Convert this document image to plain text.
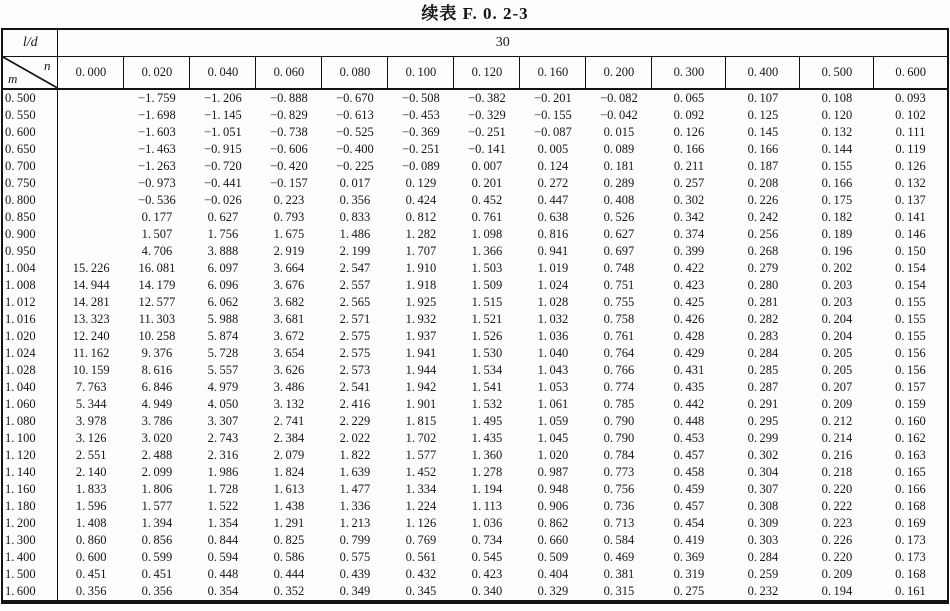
续表 F. 0. 2-3
l/d	30												

n
m	0. 000	0. 020	0. 040	0. 060	0. 080	0. 100	0. 120	0. 160	0. 200	0. 300	0. 400	0. 500	0. 600
0. 500		−1. 759	−1. 206	−0. 888	−0. 670	−0. 508	−0. 382	−0. 201	−0. 082	0. 065	0. 107	0. 108	0. 093
0. 550		−1. 698	−1. 145	−0. 829	−0. 613	−0. 453	−0. 329	−0. 155	−0. 042	0. 092	0. 125	0. 120	0. 102
0. 600		−1. 603	−1. 051	−0. 738	−0. 525	−0. 369	−0. 251	−0. 087	0. 015	0. 126	0. 145	0. 132	0. 111
0. 650		−1. 463	−0. 915	−0. 606	−0. 400	−0. 251	−0. 141	0. 005	0. 089	0. 166	0. 166	0. 144	0. 119
0. 700		−1. 263	−0. 720	−0. 420	−0. 225	−0. 089	0. 007	0. 124	0. 181	0. 211	0. 187	0. 155	0. 126
0. 750		−0. 973	−0. 441	−0. 157	0. 017	0. 129	0. 201	0. 272	0. 289	0. 257	0. 208	0. 166	0. 132
0. 800		−0. 536	−0. 026	0. 223	0. 356	0. 424	0. 452	0. 447	0. 408	0. 302	0. 226	0. 175	0. 137
0. 850		0. 177	0. 627	0. 793	0. 833	0. 812	0. 761	0. 638	0. 526	0. 342	0. 242	0. 182	0. 141
0. 900		1. 507	1. 756	1. 675	1. 486	1. 282	1. 098	0. 816	0. 627	0. 374	0. 256	0. 189	0. 146
0. 950		4. 706	3. 888	2. 919	2. 199	1. 707	1. 366	0. 941	0. 697	0. 399	0. 268	0. 196	0. 150
1. 004	15. 226	16. 081	6. 097	3. 664	2. 547	1. 910	1. 503	1. 019	0. 748	0. 422	0. 279	0. 202	0. 154
1. 008	14. 944	14. 179	6. 096	3. 676	2. 557	1. 918	1. 509	1. 024	0. 751	0. 423	0. 280	0. 203	0. 154
1. 012	14. 281	12. 577	6. 062	3. 682	2. 565	1. 925	1. 515	1. 028	0. 755	0. 425	0. 281	0. 203	0. 155
1. 016	13. 323	11. 303	5. 988	3. 681	2. 571	1. 932	1. 521	1. 032	0. 758	0. 426	0. 282	0. 204	0. 155
1. 020	12. 240	10. 258	5. 874	3. 672	2. 575	1. 937	1. 526	1. 036	0. 761	0. 428	0. 283	0. 204	0. 155
1. 024	11. 162	9. 376	5. 728	3. 654	2. 575	1. 941	1. 530	1. 040	0. 764	0. 429	0. 284	0. 205	0. 156
1. 028	10. 159	8. 616	5. 557	3. 626	2. 573	1. 944	1. 534	1. 043	0. 766	0. 431	0. 285	0. 205	0. 156
1. 040	7. 763	6. 846	4. 979	3. 486	2. 541	1. 942	1. 541	1. 053	0. 774	0. 435	0. 287	0. 207	0. 157
1. 060	5. 344	4. 949	4. 050	3. 132	2. 416	1. 901	1. 532	1. 061	0. 785	0. 442	0. 291	0. 209	0. 159
1. 080	3. 978	3. 786	3. 307	2. 741	2. 229	1. 815	1. 495	1. 059	0. 790	0. 448	0. 295	0. 212	0. 160
1. 100	3. 126	3. 020	2. 743	2. 384	2. 022	1. 702	1. 435	1. 045	0. 790	0. 453	0. 299	0. 214	0. 162
1. 120	2. 551	2. 488	2. 316	2. 079	1. 822	1. 577	1. 360	1. 020	0. 784	0. 457	0. 302	0. 216	0. 163
1. 140	2. 140	2. 099	1. 986	1. 824	1. 639	1. 452	1. 278	0. 987	0. 773	0. 458	0. 304	0. 218	0. 165
1. 160	1. 833	1. 806	1. 728	1. 613	1. 477	1. 334	1. 194	0. 948	0. 756	0. 459	0. 307	0. 220	0. 166
1. 180	1. 596	1. 577	1. 522	1. 438	1. 336	1. 224	1. 113	0. 906	0. 736	0. 457	0. 308	0. 222	0. 168
1. 200	1. 408	1. 394	1. 354	1. 291	1. 213	1. 126	1. 036	0. 862	0. 713	0. 454	0. 309	0. 223	0. 169
1. 300	0. 860	0. 856	0. 844	0. 825	0. 799	0. 769	0. 734	0. 660	0. 584	0. 419	0. 303	0. 226	0. 173
1. 400	0. 600	0. 599	0. 594	0. 586	0. 575	0. 561	0. 545	0. 509	0. 469	0. 369	0. 284	0. 220	0. 173
1. 500	0. 451	0. 451	0. 448	0. 444	0. 439	0. 432	0. 423	0. 404	0. 381	0. 319	0. 259	0. 209	0. 168
1. 600	0. 356	0. 356	0. 354	0. 352	0. 349	0. 345	0. 340	0. 329	0. 315	0. 275	0. 232	0. 194	0. 161
